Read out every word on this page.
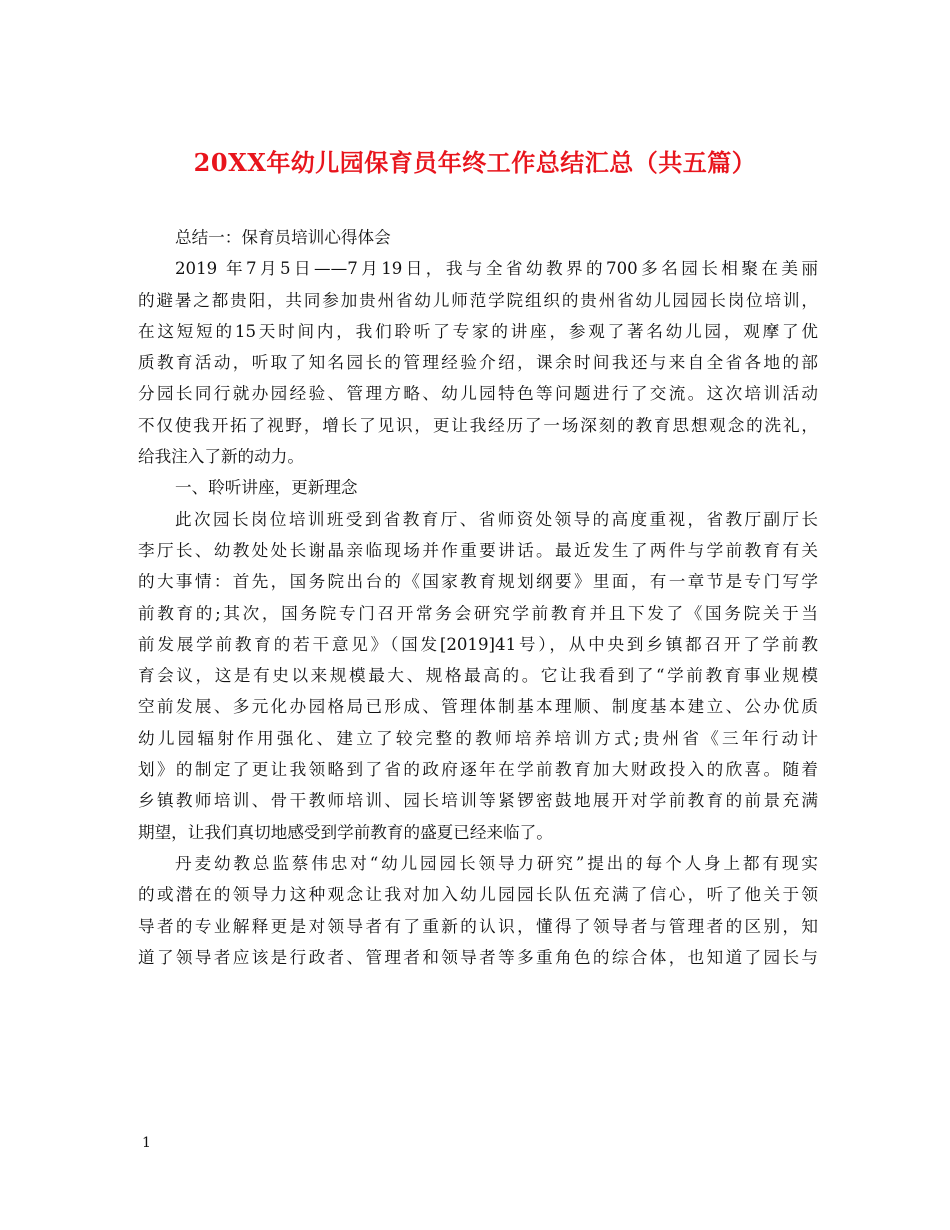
20XX年幼儿园保育员年终工作总结汇总（共五篇）
总结一：保育员培训心得体会
2019 年7月5日——7月19日，我与全省幼教界的700多名园长相聚在美丽
的避暑之都贵阳，共同参加贵州省幼儿师范学院组织的贵州省幼儿园园长岗位培训，
在这短短的15天时间内，我们聆听了专家的讲座，参观了著名幼儿园，观摩了优
质教育活动，听取了知名园长的管理经验介绍，课余时间我还与来自全省各地的部
分园长同行就办园经验、管理方略、幼儿园特色等问题进行了交流。这次培训活动
不仅使我开拓了视野，增长了见识，更让我经历了一场深刻的教育思想观念的洗礼，
给我注入了新的动力。
一、聆听讲座，更新理念
此次园长岗位培训班受到省教育厅、省师资处领导的高度重视，省教厅副厅长
李厅长、幼教处处长谢晶亲临现场并作重要讲话。最近发生了两件与学前教育有关
的大事情：首先，国务院出台的《国家教育规划纲要》里面，有一章节是专门写学
前教育的;其次，国务院专门召开常务会研究学前教育并且下发了《国务院关于当
前发展学前教育的若干意见》（国发[2019]41号），从中央到乡镇都召开了学前教
育会议，这是有史以来规模最大、规格最高的。它让我看到了“学前教育事业规模
空前发展、多元化办园格局已形成、管理体制基本理顺、制度基本建立、公办优质
幼儿园辐射作用强化、建立了较完整的教师培养培训方式;贵州省《三年行动计
划》的制定了更让我领略到了省的政府逐年在学前教育加大财政投入的欣喜。随着
乡镇教师培训、骨干教师培训、园长培训等紧锣密鼓地展开对学前教育的前景充满
期望，让我们真切地感受到学前教育的盛夏已经来临了。
丹麦幼教总监蔡伟忠对“幼儿园园长领导力研究”提出的每个人身上都有现实
的或潜在的领导力这种观念让我对加入幼儿园园长队伍充满了信心，听了他关于领
导者的专业解释更是对领导者有了重新的认识，懂得了领导者与管理者的区别，知
道了领导者应该是行政者、管理者和领导者等多重角色的综合体，也知道了园长与
1
